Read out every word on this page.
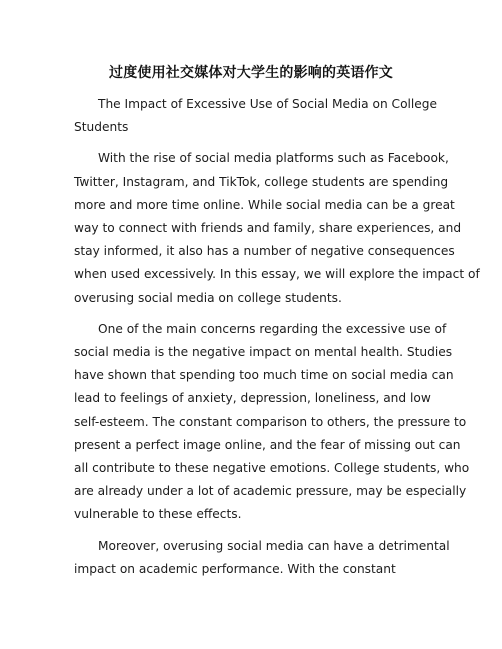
过度使用社交媒体对大学生的影响的英语作文
The Impact of Excessive Use of Social Media on College
Students
With the rise of social media platforms such as Facebook,
Twitter, Instagram, and TikTok, college students are spending
more and more time online. While social media can be a great
way to connect with friends and family, share experiences, and
stay informed, it also has a number of negative consequences
when used excessively. In this essay, we will explore the impact of
overusing social media on college students.
One of the main concerns regarding the excessive use of
social media is the negative impact on mental health. Studies
have shown that spending too much time on social media can
lead to feelings of anxiety, depression, loneliness, and low
self-esteem. The constant comparison to others, the pressure to
present a perfect image online, and the fear of missing out can
all contribute to these negative emotions. College students, who
are already under a lot of academic pressure, may be especially
vulnerable to these effects.
Moreover, overusing social media can have a detrimental
impact on academic performance. With the constant
